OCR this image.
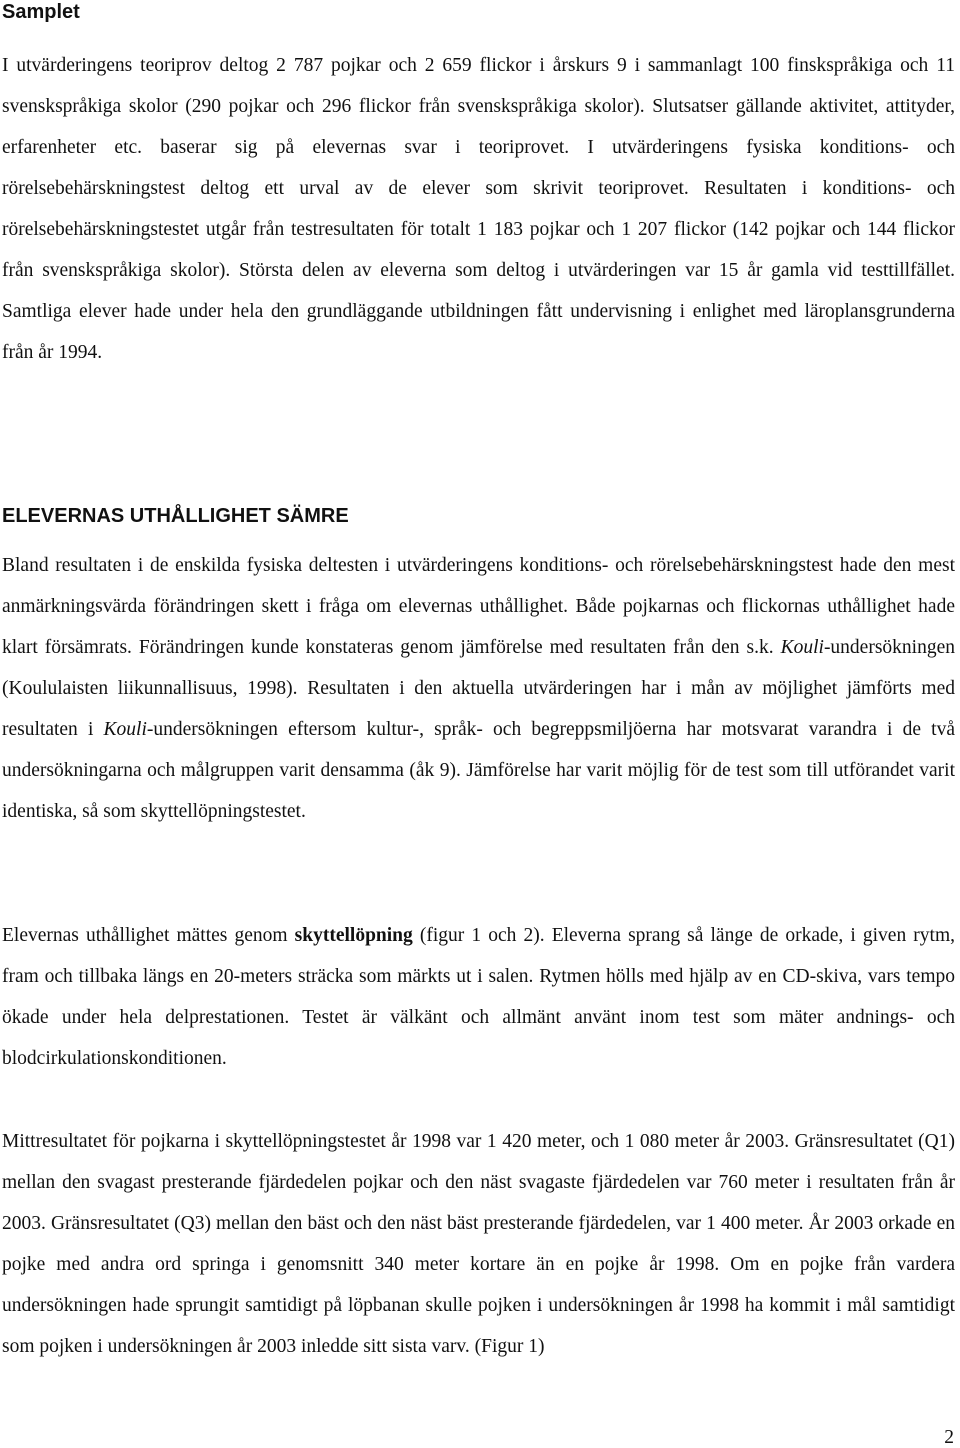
Samplet

I utvärderingens teoriprov deltog 2 787 pojkar och 2 659 flickor i årskurs 9 i sammanlagt 100 finskspråkiga och 11 svenskspråkiga skolor (290 pojkar och 296 flickor från svenskspråkiga skolor). Slutsatser gällande aktivitet, attityder, erfarenheter etc. baserar sig på elevernas svar i teoriprovet. I utvärderingens fysiska konditions- och rörelsebehärskningstest deltog ett urval av de elever som skrivit teoriprovet. Resultaten i konditions- och rörelsebehärskningstestet utgår från testresultaten för totalt 1 183 pojkar och 1 207 flickor (142 pojkar och 144 flickor från svenskspråkiga skolor). Största delen av eleverna som deltog i utvärderingen var 15 år gamla vid testtillfället. Samtliga elever hade under hela den grundläggande utbildningen fått undervisning i enlighet med läroplansgrunderna från år 1994.

ELEVERNAS UTHÅLLIGHET SÄMRE

Bland resultaten i de enskilda fysiska deltesten i utvärderingens konditions- och rörelsebehärskningstest hade den mest anmärkningsvärda förändringen skett i fråga om elevernas uthållighet. Både pojkarnas och flickornas uthållighet hade klart försämrats. Förändringen kunde konstateras genom jämförelse med resultaten från den s.k. Kouli-undersökningen (Koululaisten liikunnallisuus, 1998). Resultaten i den aktuella utvärderingen har i mån av möjlighet jämförts med resultaten i Kouli-undersökningen eftersom kultur-, språk- och begreppsmiljöerna har motsvarat varandra i de två undersökningarna och målgruppen varit densamma (åk 9). Jämförelse har varit möjlig för de test som till utförandet varit identiska, så som skyttellöpningstestet.

Elevernas uthållighet mättes genom skyttellöpning (figur 1 och 2). Eleverna sprang så länge de orkade, i given rytm, fram och tillbaka längs en 20-meters sträcka som märkts ut i salen. Rytmen hölls med hjälp av en CD-skiva, vars tempo ökade under hela delprestationen. Testet är välkänt och allmänt använt inom test som mäter andnings- och blodcirkulationskonditionen.

Mittresultatet för pojkarna i skyttellöpningstestet år 1998 var 1 420 meter, och 1 080 meter år 2003. Gränsresultatet (Q1) mellan den svagast presterande fjärdedelen pojkar och den näst svagaste fjärdedelen var 760 meter i resultaten från år 2003. Gränsresultatet (Q3) mellan den bäst och den näst bäst presterande fjärdedelen, var 1 400 meter. År 2003 orkade en pojke med andra ord springa i genomsnitt 340 meter kortare än en pojke år 1998. Om en pojke från vardera undersökningen hade sprungit samtidigt på löpbanan skulle pojken i undersökningen år 1998 ha kommit i mål samtidigt som pojken i undersökningen år 2003 inledde sitt sista varv. (Figur 1)

2
